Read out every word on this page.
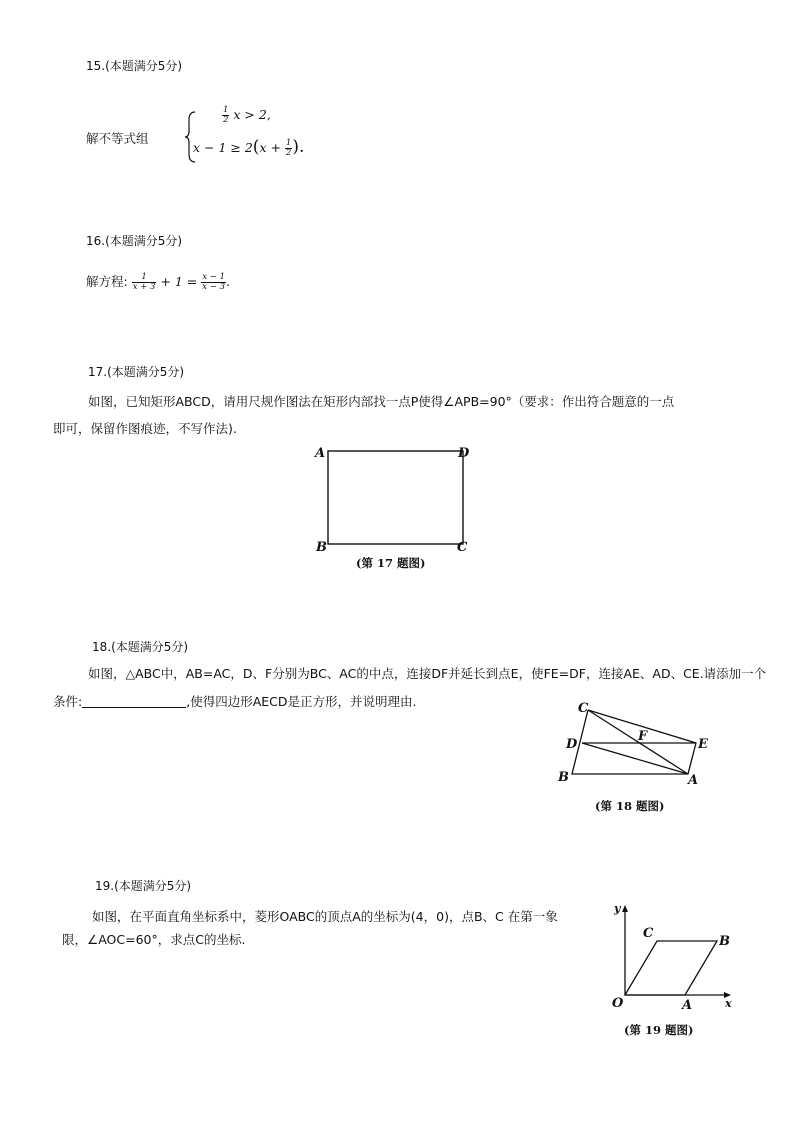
15.(本题满分5分)
解不等式组
$\frac{1}{2}$ x > 2,
$x - 1 \ge 2(x + \frac{1}{2}$ ).
16.(本题满分5分)
解方程: $\frac{1}{x + 3} + 1 = \frac{x - 1}{x - 3}$ .
17.(本题满分5分)
如图，已知矩形ABCD，请用尺规作图法在矩形内部找一点P使得∠APB=90°（要求：作出符合题意的一点
即可，保留作图痕迹，不写作法).
A	D
B	C
(第 17 题图)
18.(本题满分5分)
如图，△ABC中，AB=AC，D、F分别为BC、AC的中点，连接DF并延长到点E，使FE=DF，连接AE、AD、CE.请添加一个
条件:	,使得四边形AECD是正方形，并说明理由.	C
D
B	A
E
F
(第 18 题图)
19.(本题满分5分)
如图，在平面直角坐标系中，菱形OABC的顶点A的坐标为(4，0)，点B、C 在第一象
限，∠AOC=60°，求点C的坐标.
y
x
O	A
B
C
(第 19 题图)
